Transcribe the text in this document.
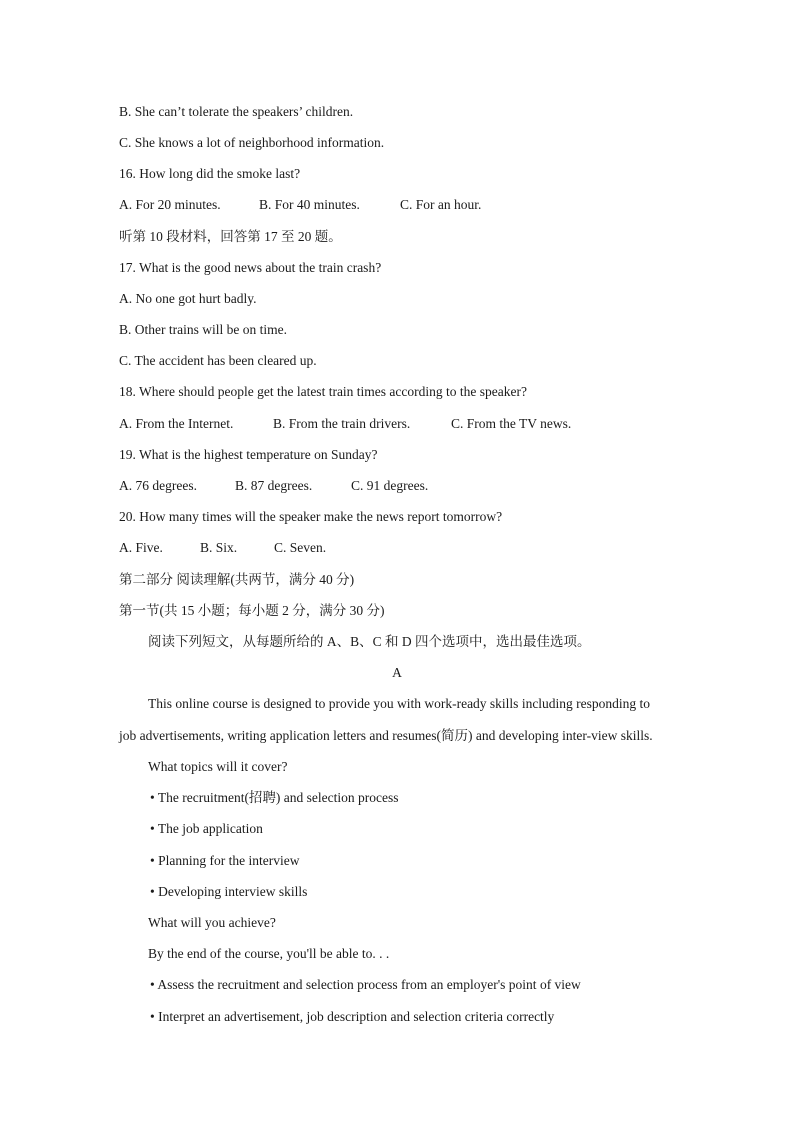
B. She can’t tolerate the speakers’ children.
C. She knows a lot of neighborhood information.
16. How long did the smoke last?
A. For 20 minutes.	B. For 40 minutes.	C. For an hour.
听第 10 段材料，回答第 17 至 20 题。
17. What is the good news about the train crash?
A. No one got hurt badly.
B. Other trains will be on time.
C. The accident has been cleared up.
18. Where should people get the latest train times according to the speaker?
A. From the Internet.	B. From the train drivers.	C. From the TV news.
19. What is the highest temperature on Sunday?
A. 76 degrees.	B. 87 degrees.	C. 91 degrees.
20. How many times will the speaker make the news report tomorrow?
A. Five.	B. Six.	C. Seven.
第二部分 阅读理解(共两节，满分 40 分)
第一节(共 15 小题；每小题 2 分，满分 30 分)
阅读下列短文，从每题所给的 A、B、C 和 D 四个选项中，选出最佳选项。
A
This online course is designed to provide you with work-ready skills including responding to
job advertisements, writing application letters and resumes(简历) and developing inter-view skills.
What topics will it cover?
• The recruitment(招聘) and selection process
• The job application
• Planning for the interview
• Developing interview skills
What will you achieve?
By the end of the course, you'll be able to. . .
• Assess the recruitment and selection process from an employer's point of view
• Interpret an advertisement, job description and selection criteria correctly
